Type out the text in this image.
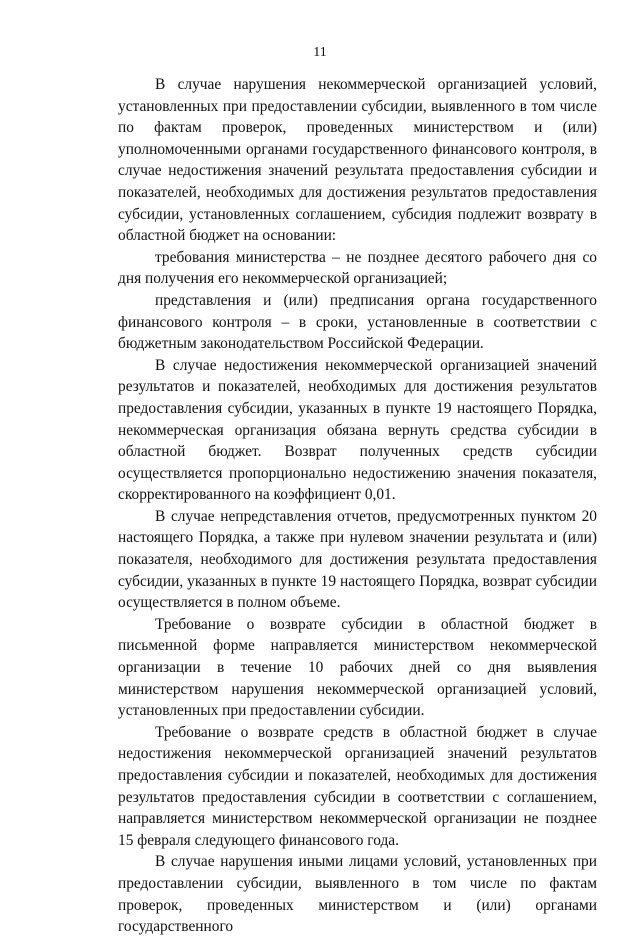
11

В случае нарушения некоммерческой организацией условий, установленных при предоставлении субсидии, выявленного в том числе по фактам проверок, проведенных министерством и (или) уполномоченными органами государственного финансового контроля, в случае недостижения значений результата предоставления субсидии и показателей, необходимых для достижения результатов предоставления субсидии, установленных соглашением, субсидия подлежит возврату в областной бюджет на основании:

требования министерства – не позднее десятого рабочего дня со дня получения его некоммерческой организацией;

представления и (или) предписания органа государственного финансового контроля – в сроки, установленные в соответствии с бюджетным законодательством Российской Федерации.

В случае недостижения некоммерческой организацией значений результатов и показателей, необходимых для достижения результатов предоставления субсидии, указанных в пункте 19 настоящего Порядка, некоммерческая организация обязана вернуть средства субсидии в областной бюджет. Возврат полученных средств субсидии осуществляется пропорционально недостижению значения показателя, скорректированного на коэффициент 0,01.

В случае непредставления отчетов, предусмотренных пунктом 20 настоящего Порядка, а также при нулевом значении результата и (или) показателя, необходимого для достижения результата предоставления субсидии, указанных в пункте 19 настоящего Порядка, возврат субсидии осуществляется в полном объеме.

Требование о возврате субсидии в областной бюджет в письменной форме направляется министерством некоммерческой организации в течение 10 рабочих дней со дня выявления министерством нарушения некоммерческой организацией условий, установленных при предоставлении субсидии.

Требование о возврате средств в областной бюджет в случае недостижения некоммерческой организацией значений результатов предоставления субсидии и показателей, необходимых для достижения результатов предоставления субсидии в соответствии с соглашением, направляется министерством некоммерческой организации не позднее 15 февраля следующего финансового года.

В случае нарушения иными лицами условий, установленных при предоставлении субсидии, выявленного в том числе по фактам проверок, проведенных министерством и (или) органами государственного
